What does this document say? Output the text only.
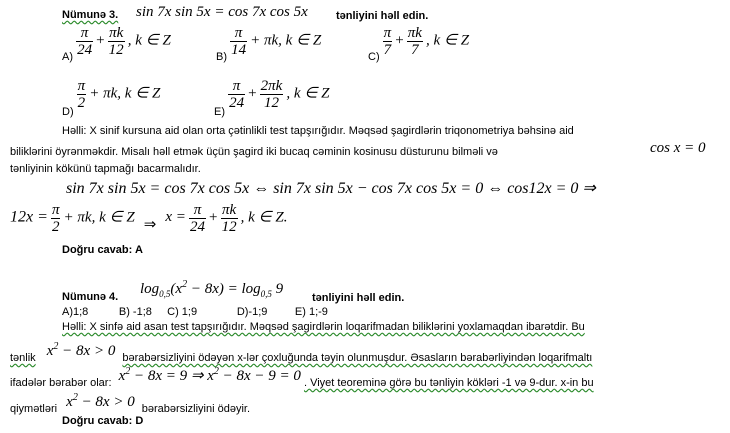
Nümunə 3. sin 7x sin 5x = cos 7x cos 5x	tənliyini həll edin.
$A) \frac{\pi}{24} + \frac{\pi k}{12}$ , k ∈ Z
$B) \frac{\pi}{14} + \pi k$, k ∈ Z
$C) \frac{\pi}{7} + \frac{\pi k}{7}$ , k ∈ Z
D)
$\frac{\pi}{2} + \pi k$, k ∈ Z
E)
$\frac{\pi}{24} + \frac{2\pi k}{12}$ , k ∈ Z
Həlli: X sinif kursuna aid olan orta çətinlikli test tapşırığıdır. Məqsəd şagirdlərin triqonometriya bəhsinə aid
biliklərini öyrənməkdir. Misalı həll etmək üçün şagird iki bucaq cəminin kosinusu düsturunu bilməli və	cos x = 0
tənliyinin kökünü tapmağı bacarmalıdır.
sin 7x sin 5x = cos 7x cos 5x ⇔ sin 7x sin 5x − cos 7x cos 5x = 0 ⇔ cos12x = 0 ⇒
$12x = \frac{\pi}{2} + \pi k$, k ∈ Z ⇒ $x = \frac{\pi}{24} + \frac{\pi k}{12}$ , k ∈ Z.
Doğru cavab: A
Nümunə 4. $\log_{0,5}(x^2 - 8x) = \log_{0,5} 9$
tənliyini həll edin.
A)1;8          B) -1;8     C) 1;9             D)-1;9         E) 1;-9
Həlli: X sinfə aid asan test tapşırığıdır. Məqsəd şagirdlərin loqarifmadan biliklərini yoxlamaqdan ibarətdir. Bu
tənlik $x^2 - 8x > 0$ bərabərsizliyini ödəyən x-lər çoxluğunda təyin olunmuşdur. Əsasların bərabərliyindən loqarifmaltı
ifadələr bərabər olar: $x^2 - 8x = 9$ ⇒ $x^2 - 8x - 9 = 0$ . Viyet teoreminə görə bu tənliyin kökləri -1 və 9-dur. x-in bu
qiymətləri $x^2 - 8x > 0$ bərabərsizliyini ödəyir.
Doğru cavab: D
